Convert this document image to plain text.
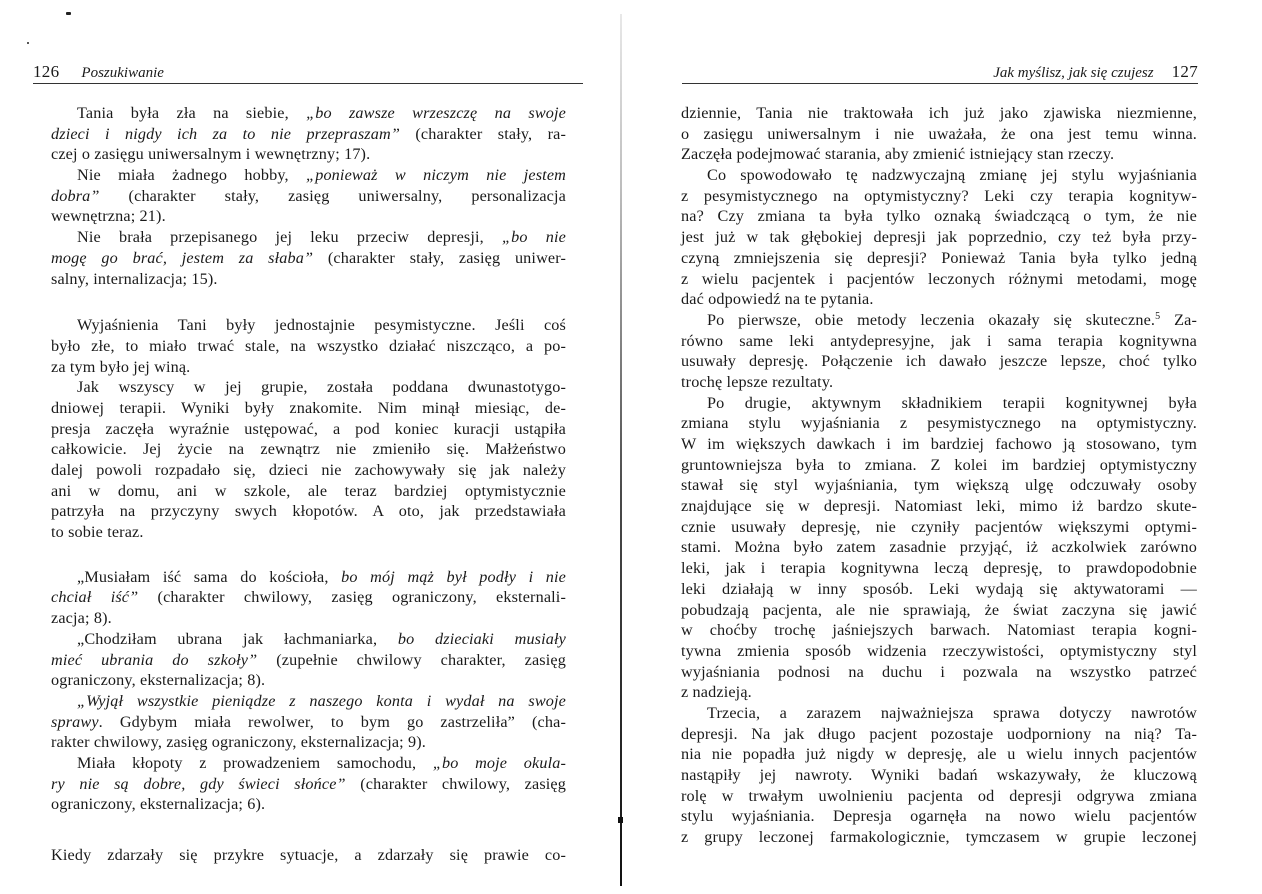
126 Poszukiwanie
Tania była zła na siebie, „bo zawsze wrzeszczę na swoje
dzieci i nigdy ich za to nie przepraszam” (charakter stały, ra-
czej o zasięgu uniwersalnym i wewnętrzny; 17).
Nie miała żadnego hobby, „ponieważ w niczym nie jestem
dobra” (charakter stały, zasięg uniwersalny, personalizacja
wewnętrzna; 21).
Nie brała przepisanego jej leku przeciw depresji, „bo nie
mogę go brać, jestem za słaba” (charakter stały, zasięg uniwer-
salny, internalizacja; 15).
Wyjaśnienia Tani były jednostajnie pesymistyczne. Jeśli coś
było złe, to miało trwać stale, na wszystko działać niszcząco, a po-
za tym było jej winą.
Jak wszyscy w jej grupie, została poddana dwunastotygo-
dniowej terapii. Wyniki były znakomite. Nim minął miesiąc, de-
presja zaczęła wyraźnie ustępować, a pod koniec kuracji ustąpiła
całkowicie. Jej życie na zewnątrz nie zmieniło się. Małżeństwo
dalej powoli rozpadało się, dzieci nie zachowywały się jak należy
ani w domu, ani w szkole, ale teraz bardziej optymistycznie
patrzyła na przyczyny swych kłopotów. A oto, jak przedstawiała
to sobie teraz.
„Musiałam iść sama do kościoła, bo mój mąż był podły i nie
chciał iść” (charakter chwilowy, zasięg ograniczony, eksternali-
zacja; 8).
„Chodziłam ubrana jak łachmaniarka, bo dzieciaki musiały
mieć ubrania do szkoły” (zupełnie chwilowy charakter, zasięg
ograniczony, eksternalizacja; 8).
„Wyjął wszystkie pieniądze z naszego konta i wydał na swoje
sprawy. Gdybym miała rewolwer, to bym go zastrzeliła” (cha-
rakter chwilowy, zasięg ograniczony, eksternalizacja; 9).
Miała kłopoty z prowadzeniem samochodu, „bo moje okula-
ry nie są dobre, gdy świeci słońce” (charakter chwilowy, zasięg
ograniczony, eksternalizacja; 6).
Kiedy zdarzały się przykre sytuacje, a zdarzały się prawie co-
Jak myślisz, jak się czujesz 127
dziennie, Tania nie traktowała ich już jako zjawiska niezmienne,
o zasięgu uniwersalnym i nie uważała, że ona jest temu winna.
Zaczęła podejmować starania, aby zmienić istniejący stan rzeczy.
Co spowodowało tę nadzwyczajną zmianę jej stylu wyjaśniania
z pesymistycznego na optymistyczny? Leki czy terapia kognityw-
na? Czy zmiana ta była tylko oznaką świadczącą o tym, że nie
jest już w tak głębokiej depresji jak poprzednio, czy też była przy-
czyną zmniejszenia się depresji? Ponieważ Tania była tylko jedną
z wielu pacjentek i pacjentów leczonych różnymi metodami, mogę
dać odpowiedź na te pytania.
Po pierwsze, obie metody leczenia okazały się skuteczne.$^5$ Za-
równo same leki antydepresyjne, jak i sama terapia kognitywna
usuwały depresję. Połączenie ich dawało jeszcze lepsze, choć tylko
trochę lepsze rezultaty.
Po drugie, aktywnym składnikiem terapii kognitywnej była
zmiana stylu wyjaśniania z pesymistycznego na optymistyczny.
W im większych dawkach i im bardziej fachowo ją stosowano, tym
gruntowniejsza była to zmiana. Z kolei im bardziej optymistyczny
stawał się styl wyjaśniania, tym większą ulgę odczuwały osoby
znajdujące się w depresji. Natomiast leki, mimo iż bardzo skute-
cznie usuwały depresję, nie czyniły pacjentów większymi optymi-
stami. Można było zatem zasadnie przyjąć, iż aczkolwiek zarówno
leki, jak i terapia kognitywna leczą depresję, to prawdopodobnie
leki działają w inny sposób. Leki wydają się aktywatorami —
pobudzają pacjenta, ale nie sprawiają, że świat zaczyna się jawić
w choćby trochę jaśniejszych barwach. Natomiast terapia kogni-
tywna zmienia sposób widzenia rzeczywistości, optymistyczny styl
wyjaśniania podnosi na duchu i pozwala na wszystko patrzeć
z nadzieją.
Trzecia, a zarazem najważniejsza sprawa dotyczy nawrotów
depresji. Na jak długo pacjent pozostaje uodporniony na nią? Ta-
nia nie popadła już nigdy w depresję, ale u wielu innych pacjentów
nastąpiły jej nawroty. Wyniki badań wskazywały, że kluczową
rolę w trwałym uwolnieniu pacjenta od depresji odgrywa zmiana
stylu wyjaśniania. Depresja ogarnęła na nowo wielu pacjentów
z grupy leczonej farmakologicznie, tymczasem w grupie leczonej
